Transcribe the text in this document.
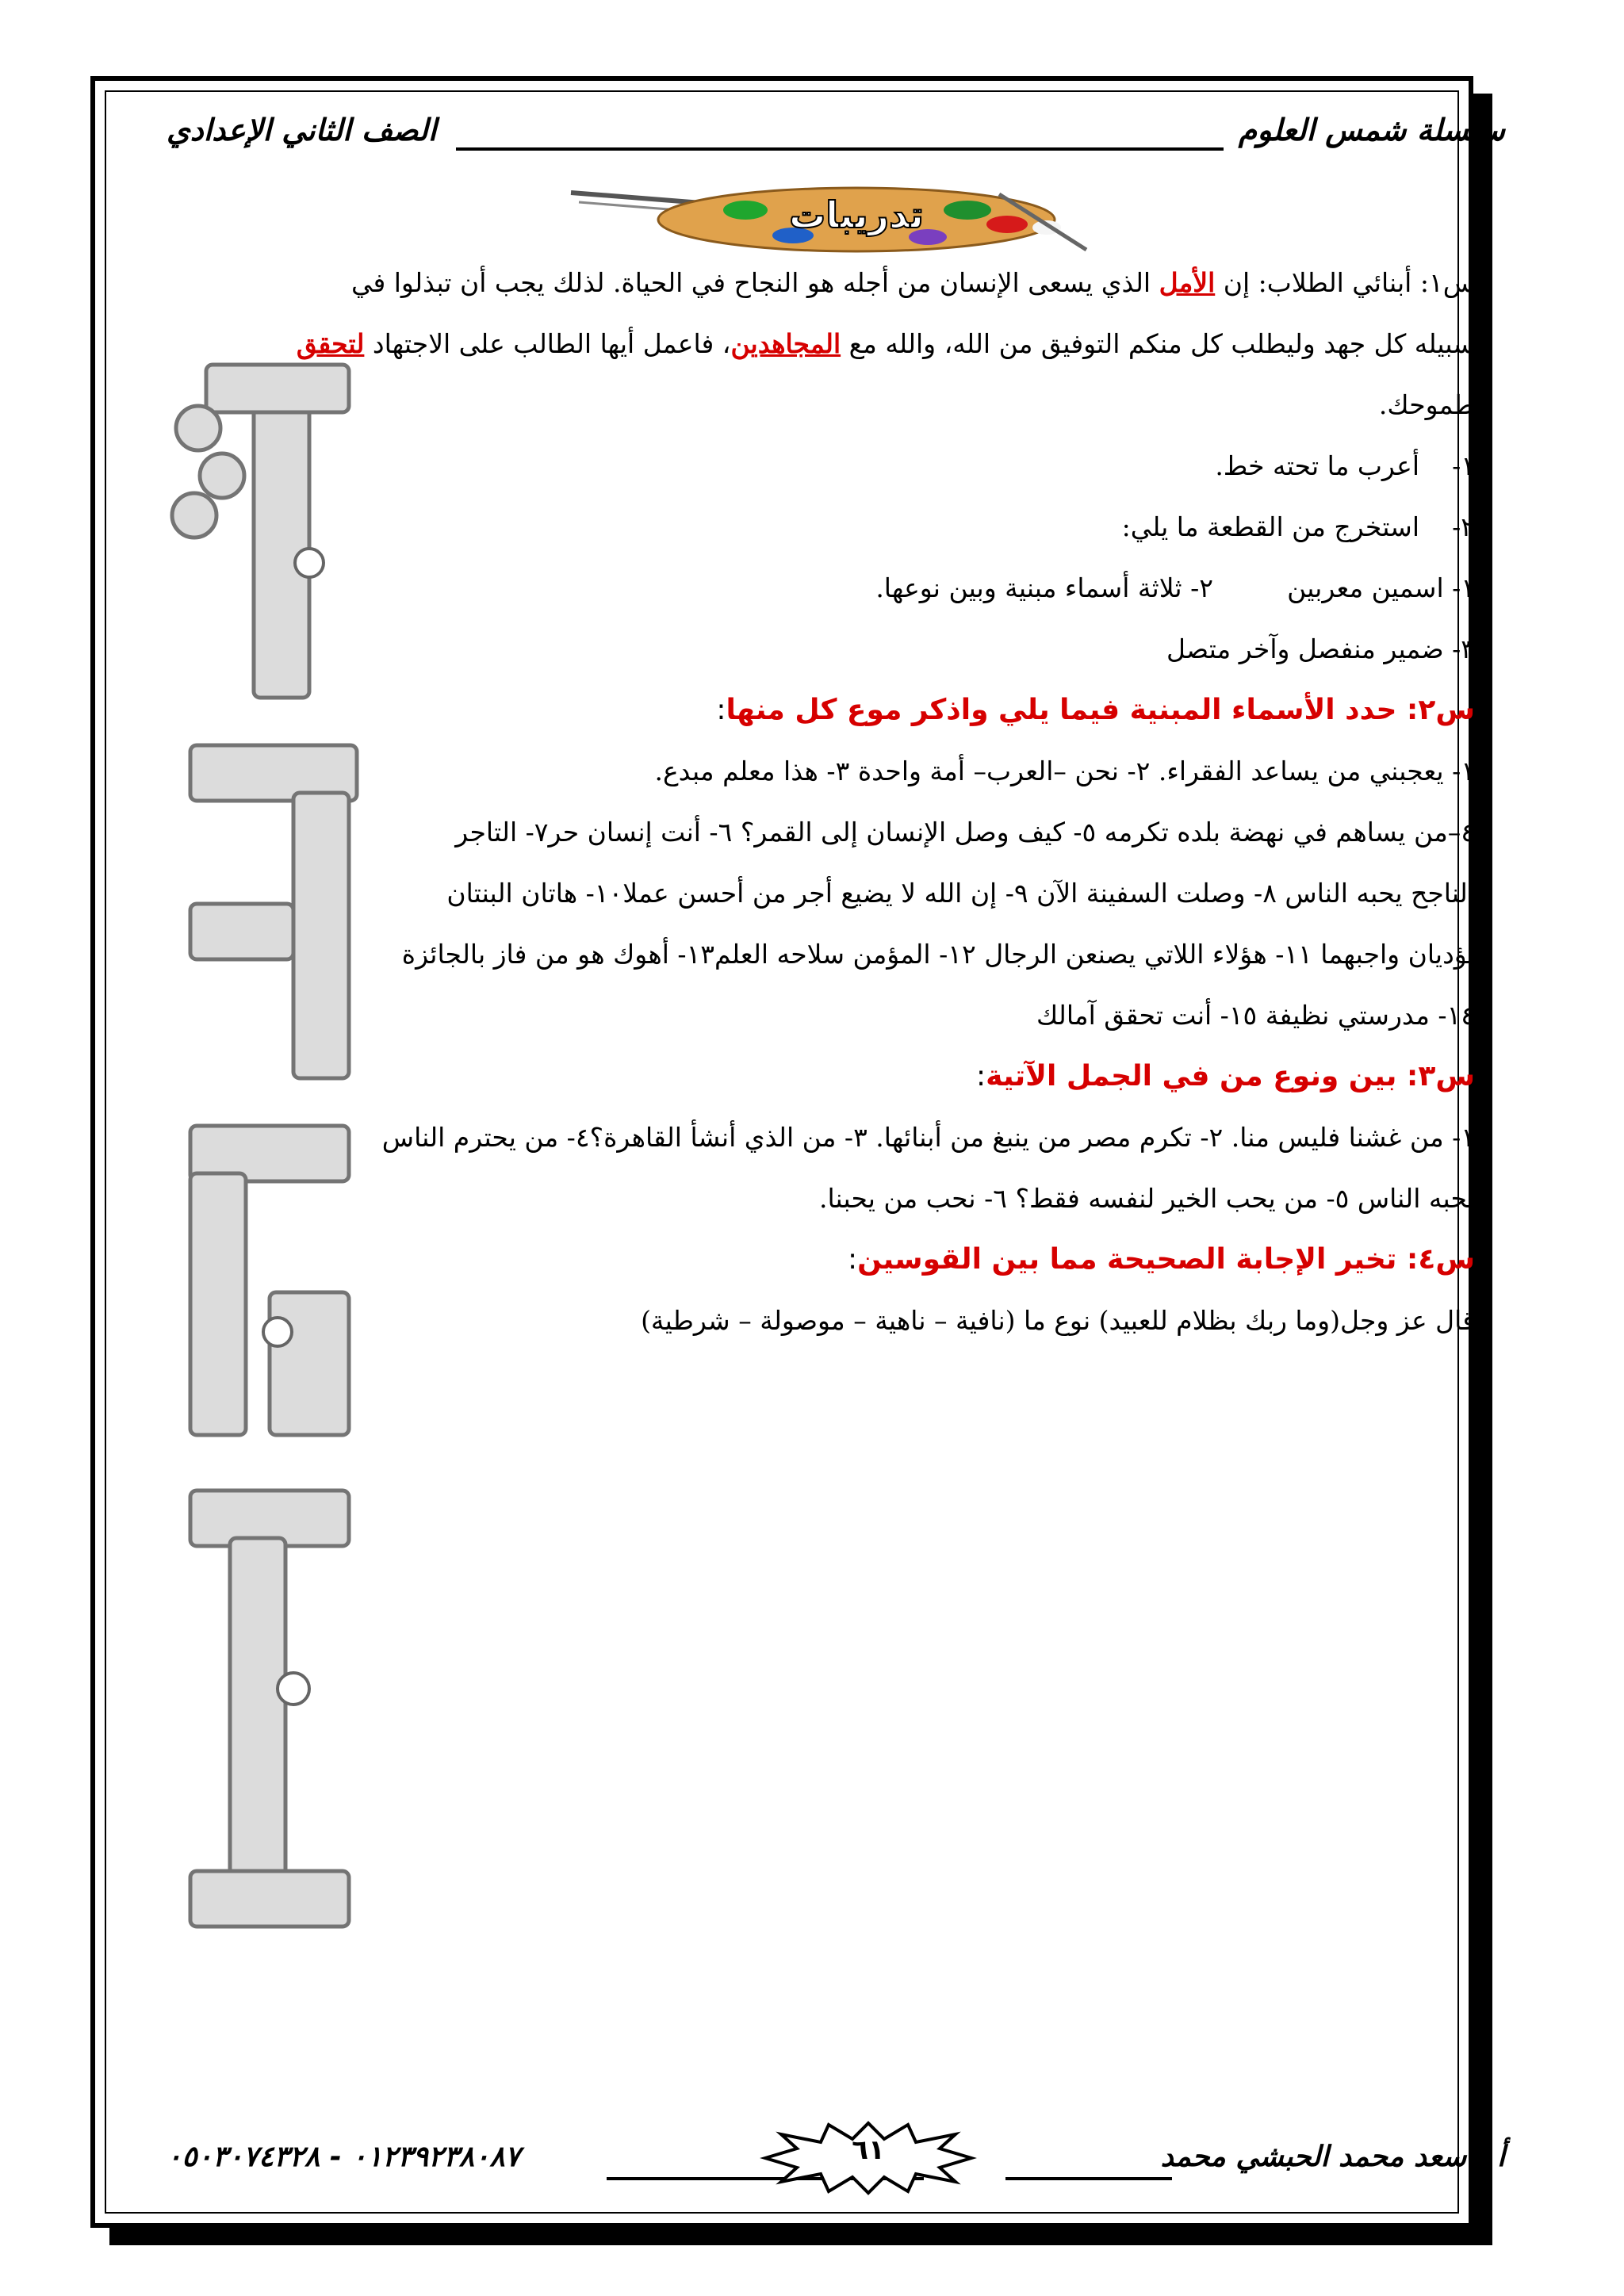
سلسلة شمس العلوم
الصف الثاني الإعدادي
تدريبات
س١: أبنائي الطلاب: إن الأمل الذي يسعى الإنسان من أجله هو النجاح في الحياة. لذلك يجب أن تبذلوا في
سبيله كل جهد وليطلب كل منكم التوفيق من الله، والله مع المجاهدين، فاعمل أيها الطالب على الاجتهاد لتحقق
طموحك.
١-أعرب ما تحته خط.
٢-استخرج من القطعة ما يلي:
١- اسمين معربين٢- ثلاثة أسماء مبنية وبين نوعها.
٣- ضمير منفصل وآخر متصل
س٢: حدد الأسماء المبنية فيما يلي واذكر موع كل منها:
١- يعجبني من يساعد الفقراء. ٢- نحن –العرب– أمة واحدة ٣- هذا معلم مبدع.
٤–من يساهم في نهضة بلده تكرمه ٥- كيف وصل الإنسان إلى القمر؟ ٦- أنت إنسان حر٧- التاجر
الناجح يحبه الناس ٨- وصلت السفينة الآن ٩- إن الله لا يضيع أجر من أحسن عملا١٠- هاتان البنتان
تؤديان واجبهما ١١- هؤلاء اللاتي يصنعن الرجال ١٢- المؤمن سلاحه العلم١٣- أهوك هو من فاز بالجائزة
١٤- مدرستي نظيفة ١٥- أنت تحقق آمالك
س٣: بين ونوع من في الجمل الآتية:
١- من غشنا فليس منا. ٢- تكرم مصر من ينبغ من أبنائها. ٣- من الذي أنشأ القاهرة؟٤- من يحترم الناس
يحبه الناس ٥- من يحب الخير لنفسه فقط؟ ٦- نحب من يحبنا.
س٤: تخير الإجابة الصحيحة مما بين القوسين:
قال عز وجل(وما ربك بظلام للعبيد) نوع ما (نافية – ناهية – موصولة – شرطية)
أ . سعد محمد الحبشي محمد
٠١٢٣٩٢٣٨٠٨٧ - ٠٥٠٣٠٧٤٣٢٨	٦١
